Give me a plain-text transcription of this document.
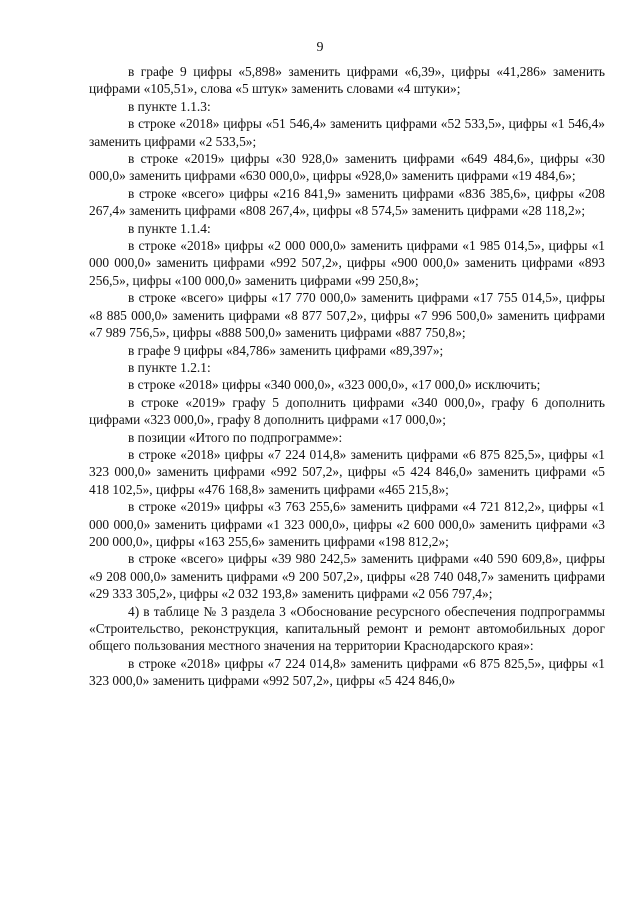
9

в графе 9 цифры «5,898» заменить цифрами «6,39», цифры «41,286» заменить цифрами «105,51», слова «5 штук» заменить словами «4 штуки»;

в пункте 1.1.3:

в строке «2018» цифры «51 546,4» заменить цифрами «52 533,5», цифры «1 546,4» заменить цифрами «2 533,5»;

в строке «2019» цифры «30 928,0» заменить цифрами «649 484,6», цифры «30 000,0» заменить цифрами «630 000,0», цифры «928,0» заменить цифрами «19 484,6»;

в строке «всего» цифры «216 841,9» заменить цифрами «836 385,6», цифры «208 267,4» заменить цифрами «808 267,4», цифры «8 574,5» заменить цифрами «28 118,2»;

в пункте 1.1.4:

в строке «2018» цифры «2 000 000,0» заменить цифрами «1 985 014,5», цифры «1 000 000,0» заменить цифрами «992 507,2», цифры «900 000,0» заменить цифрами «893 256,5», цифры «100 000,0» заменить цифрами «99 250,8»;

в строке «всего» цифры «17 770 000,0» заменить цифрами «17 755 014,5», цифры «8 885 000,0» заменить цифрами «8 877 507,2», цифры «7 996 500,0» заменить цифрами «7 989 756,5», цифры «888 500,0» заменить цифрами «887 750,8»;

в графе 9 цифры «84,786» заменить цифрами «89,397»;

в пункте 1.2.1:

в строке «2018» цифры «340 000,0», «323 000,0», «17 000,0» исключить;

в строке «2019» графу 5 дополнить цифрами «340 000,0», графу 6 дополнить цифрами «323 000,0», графу 8 дополнить цифрами «17 000,0»;

в позиции «Итого по подпрограмме»:

в строке «2018» цифры «7 224 014,8» заменить цифрами «6 875 825,5», цифры «1 323 000,0» заменить цифрами «992 507,2», цифры «5 424 846,0» заменить цифрами «5 418 102,5», цифры «476 168,8» заменить цифрами «465 215,8»;

в строке «2019» цифры «3 763 255,6» заменить цифрами «4 721 812,2», цифры «1 000 000,0» заменить цифрами «1 323 000,0», цифры «2 600 000,0» заменить цифрами «3 200 000,0», цифры «163 255,6» заменить цифрами «198 812,2»;

в строке «всего» цифры «39 980 242,5» заменить цифрами «40 590 609,8», цифры «9 208 000,0» заменить цифрами «9 200 507,2», цифры «28 740 048,7» заменить цифрами «29 333 305,2», цифры «2 032 193,8» заменить цифрами «2 056 797,4»;

4) в таблице № 3 раздела 3 «Обоснование ресурсного обеспечения подпрограммы «Строительство, реконструкция, капитальный ремонт и ремонт автомобильных дорог общего пользования местного значения на территории Краснодарского края»:

в строке «2018» цифры «7 224 014,8» заменить цифрами «6 875 825,5», цифры «1 323 000,0» заменить цифрами «992 507,2», цифры «5 424 846,0»
